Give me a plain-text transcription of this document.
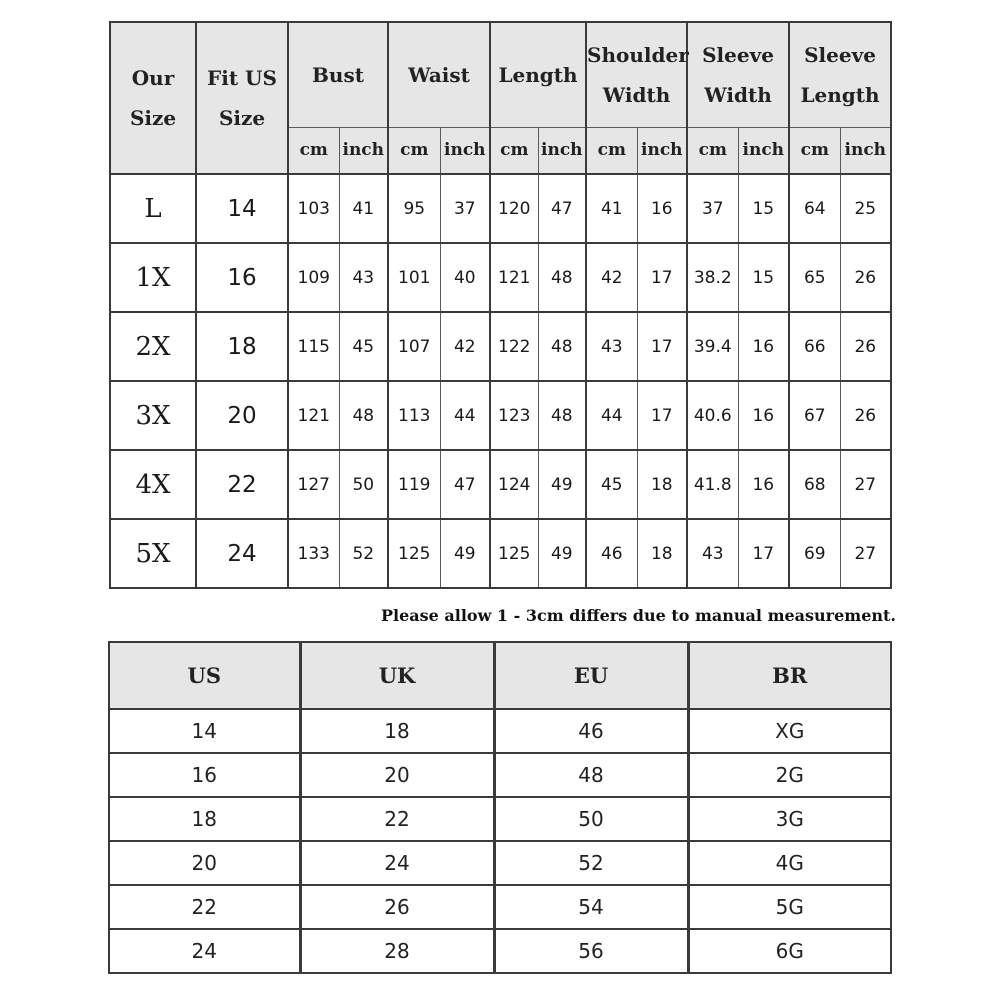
Our Size	Fit US Size	Bust		Waist		Length		Shoulder Width		Sleeve Width		Sleeve Length	
		cm	inch	cm	inch	cm	inch	cm	inch	cm	inch	cm	inch
L	14	103	41	95	37	120	47	41	16	37	15	64	25
1X	16	109	43	101	40	121	48	42	17	38.2	15	65	26
2X	18	115	45	107	42	122	48	43	17	39.4	16	66	26
3X	20	121	48	113	44	123	48	44	17	40.6	16	67	26
4X	22	127	50	119	47	124	49	45	18	41.8	16	68	27
5X	24	133	52	125	49	125	49	46	18	43	17	69	27
Please allow 1 - 3cm differs due to manual measurement.
US	UK	EU	BR
14	18	46	XG
16	20	48	2G
18	22	50	3G
20	24	52	4G
22	26	54	5G
24	28	56	6G
